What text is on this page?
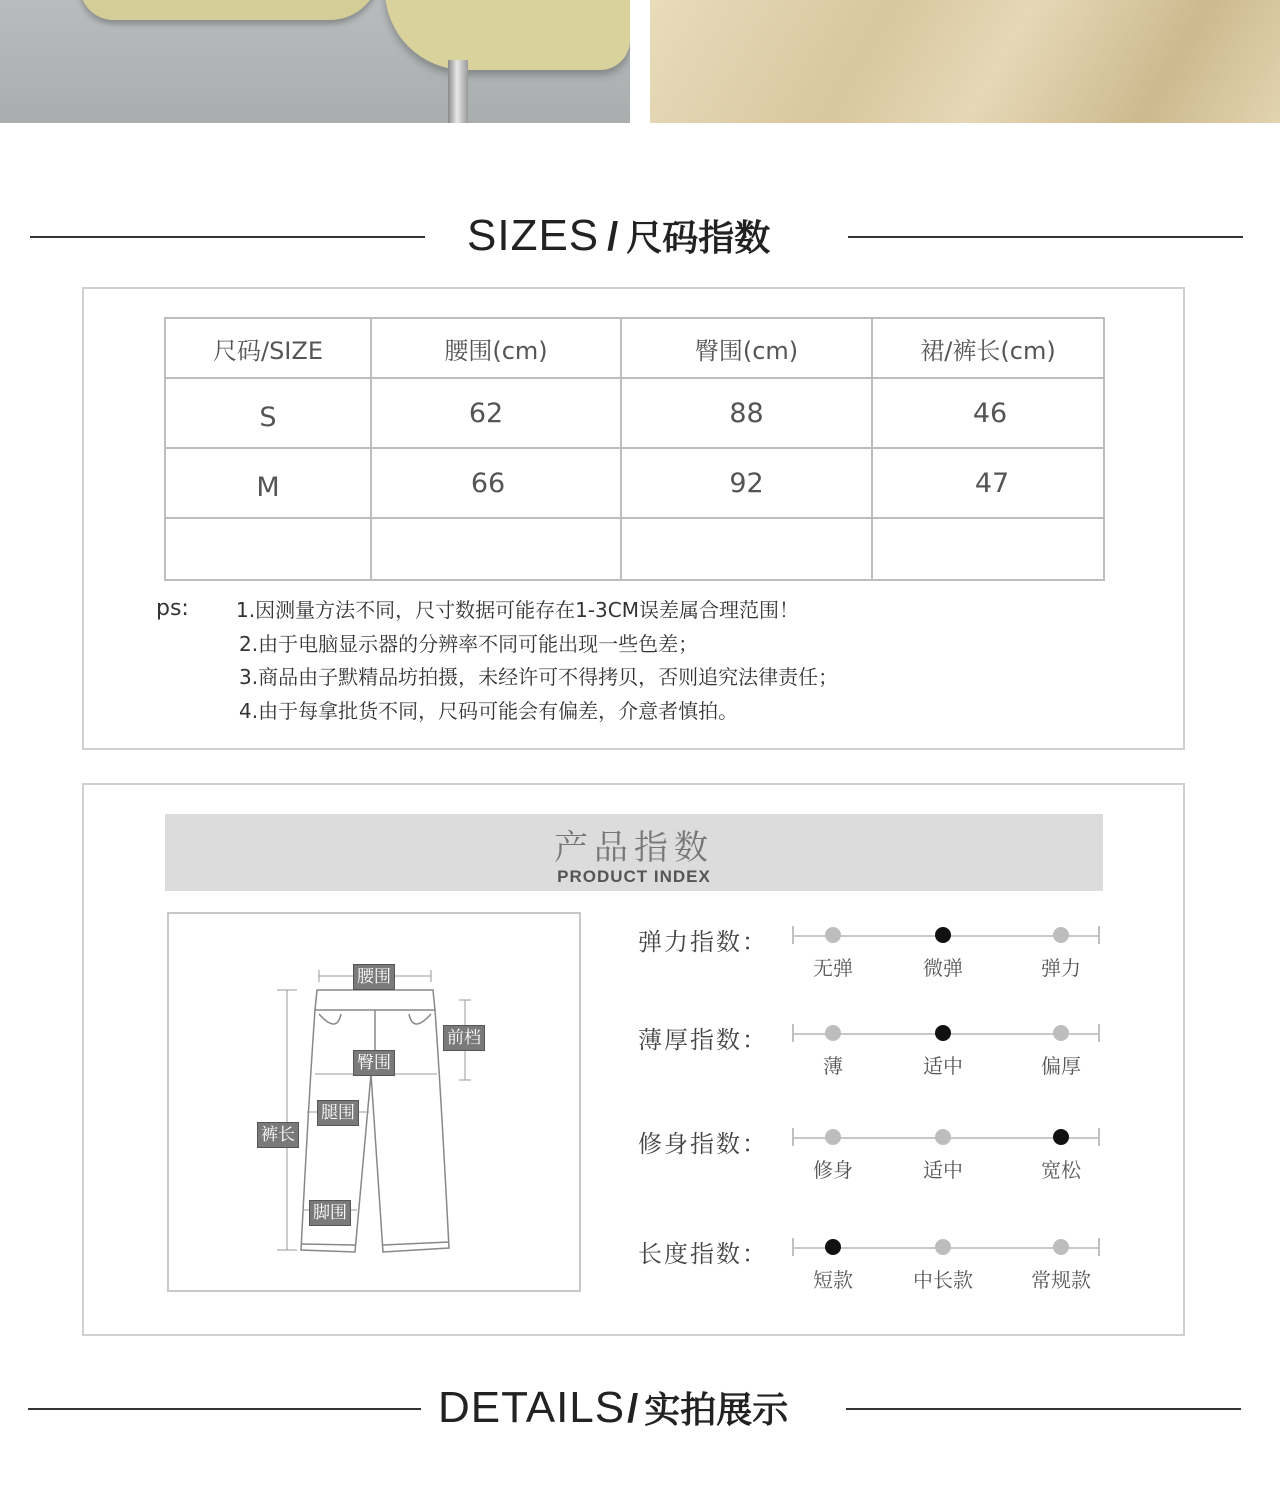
SIZES / 尺码指数
尺码/SIZE	腰围(cm)	臀围(cm)	裙/裤长(cm)
S	62	88	46
M	66	92	47

ps: 1.因测量方法不同，尺寸数据可能存在1-3CM误差属合理范围！
2.由于电脑显示器的分辨率不同可能出现一些色差；
3.商品由子默精品坊拍摄，未经许可不得拷贝，否则追究法律责任；
4.由于每拿批货不同，尺码可能会有偏差，介意者慎拍。
产品指数
PRODUCT INDEX
腰围
前档
臀围
腿围
裤长
脚围
弹力指数：
无弹	微弹	弹力
薄厚指数：
薄	适中	偏厚
修身指数：
修身	适中	宽松
长度指数：
短款	中长款	常规款
DETAILS/ 实拍展示
